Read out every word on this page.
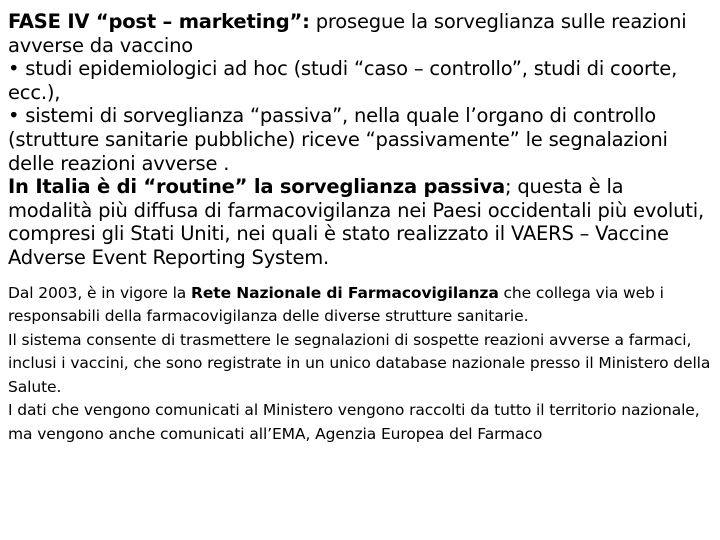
FASE IV “post – marketing”: prosegue la sorveglianza sulle reazioni avverse da vaccino

• studi epidemiologici ad hoc (studi “caso – controllo”, studi di coorte, ecc.),

• sistemi di sorveglianza “passiva”, nella quale l’organo di controllo (strutture sanitarie pubbliche) riceve “passivamente” le segnalazioni delle reazioni avverse .

In Italia è di “routine” la sorveglianza passiva; questa è la modalità più diffusa di farmacovigilanza nei Paesi occidentali più evoluti, compresi gli Stati Uniti, nei quali è stato realizzato il VAERS – Vaccine Adverse Event Reporting System.

Dal 2003, è in vigore la Rete Nazionale di Farmacovigilanza che collega via web i responsabili della farmacovigilanza delle diverse strutture sanitarie.

Il sistema consente di trasmettere le segnalazioni di sospette reazioni avverse a farmaci, inclusi i vaccini, che sono registrate in un unico database nazionale presso il Ministero della Salute.

I dati che vengono comunicati al Ministero vengono raccolti da tutto il territorio nazionale, ma vengono anche comunicati all’EMA, Agenzia Europea del Farmaco
